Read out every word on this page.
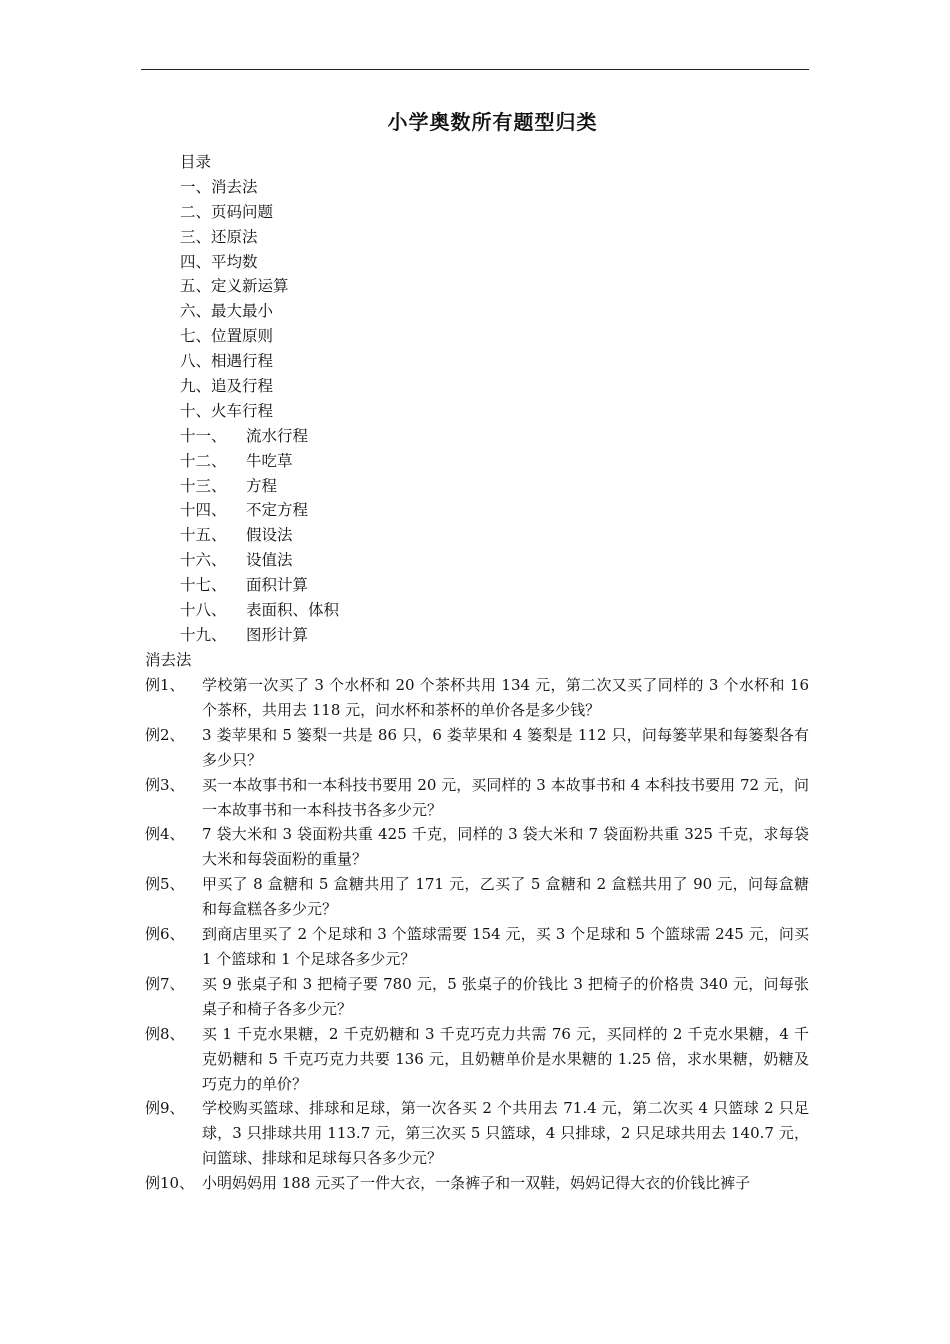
小学奥数所有题型归类
目录
一、 消去法
二、 页码问题
三、 还原法
四、 平均数
五、 定义新运算
六、 最大最小
七、 位置原则
八、 相遇行程
九、 追及行程
十、 火车行程
十一、	流水行程
十二、	牛吃草
十三、	方程
十四、	不定方程
十五、	假设法
十六、	设值法
十七、	面积计算
十八、	表面积、体积
十九、	图形计算
消去法
例1、	学校第一次买了 3 个水杯和 20 个茶杯共用 134 元，第二次又买了同样的 3 个水杯和 16 个茶杯，共用去 118 元，问水杯和茶杯的单价各是多少钱？
例2、	3 娄苹果和 5 篓梨一共是 86 只，6 娄苹果和 4 篓梨是 112 只，问每篓苹果和每篓梨各有多少只？
例3、	买一本故事书和一本科技书要用 20 元，买同样的 3 本故事书和 4 本科技书要用 72 元，问一本故事书和一本科技书各多少元？
例4、	7 袋大米和 3 袋面粉共重 425 千克，同样的 3 袋大米和 7 袋面粉共重 325 千克，求每袋大米和每袋面粉的重量？
例5、	甲买了 8 盒糖和 5 盒糖共用了 171 元，乙买了 5 盒糖和 2 盒糕共用了 90 元，问每盒糖和每盒糕各多少元？
例6、	到商店里买了 2 个足球和 3 个篮球需要 154 元，买 3 个足球和 5 个篮球需 245 元，问买 1 个篮球和 1 个足球各多少元？
例7、	买 9 张桌子和 3 把椅子要 780 元，5 张桌子的价钱比 3 把椅子的价格贵 340 元，问每张桌子和椅子各多少元？
例8、	买 1 千克水果糖，2 千克奶糖和 3 千克巧克力共需 76 元，买同样的 2 千克水果糖，4 千克奶糖和 5 千克巧克力共要 136 元，且奶糖单价是水果糖的 1.25 倍，求水果糖，奶糖及巧克力的单价？
例9、	学校购买篮球、排球和足球，第一次各买 2 个共用去 71.4 元，第二次买 4 只篮球 2 只足球，3 只排球共用 113.7 元，第三次买 5 只篮球，4 只排球，2 只足球共用去 140.7 元，问篮球、排球和足球每只各多少元？
例10、 小明妈妈用 188 元买了一件大衣，一条裤子和一双鞋，妈妈记得大衣的价钱比裤子
